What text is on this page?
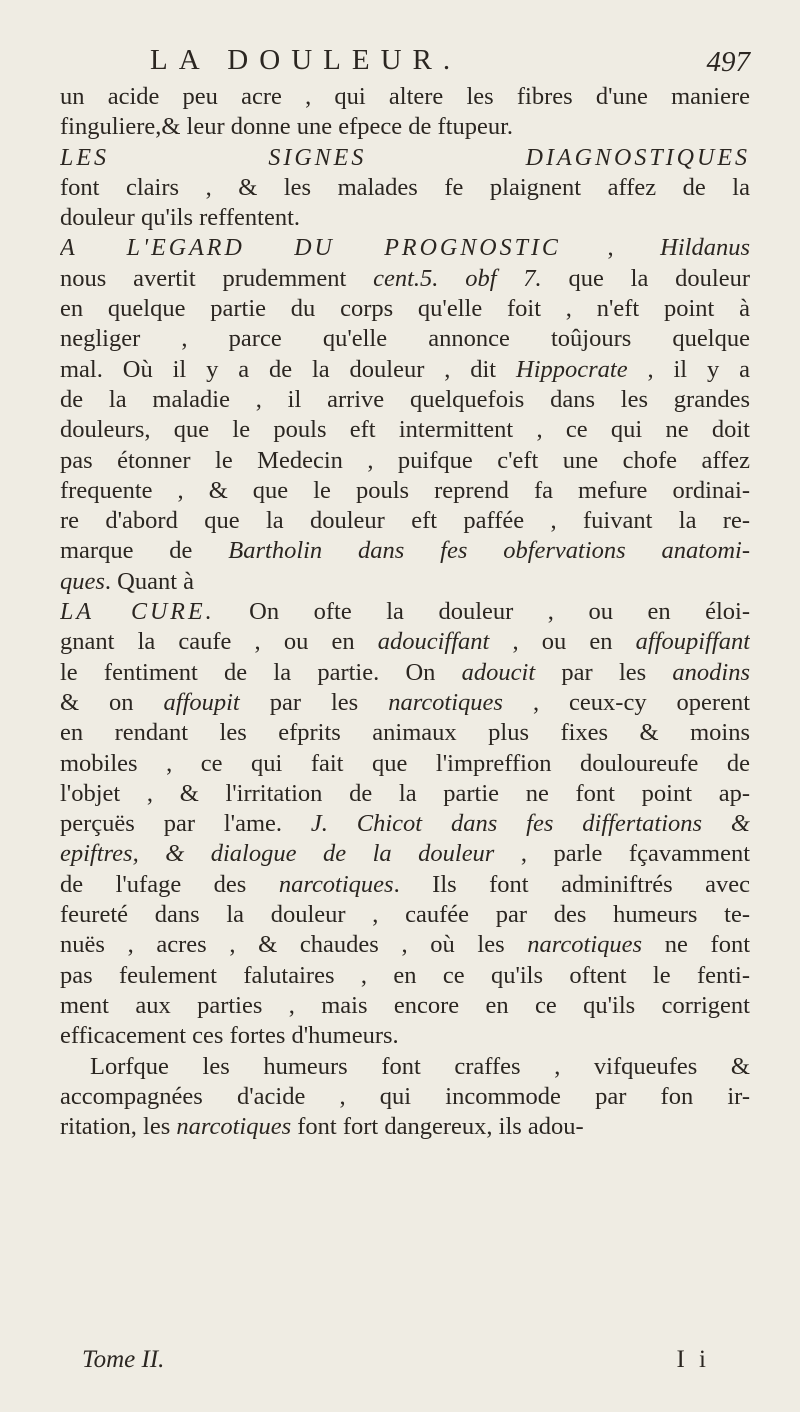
LA DOULEUR.	497
un acide peu acre , qui altere les fibres d'une maniere
finguliere,& leur donne une efpece de ftupeur.
LES SIGNES DIAGNOSTIQUES
font clairs , & les malades fe plaignent affez de la
douleur qu'ils reffentent.
A L'EGARD DU PROGNOSTIC , Hildanus
nous avertit prudemment cent.5. obf 7. que la douleur
en quelque partie du corps qu'elle foit , n'eft point à
negliger , parce qu'elle annonce toûjours quelque
mal. Où il y a de la douleur , dit Hippocrate , il y a
de la maladie , il arrive quelquefois dans les grandes
douleurs, que le pouls eft intermittent , ce qui ne doit
pas étonner le Medecin , puifque c'eft une chofe affez
frequente , & que le pouls reprend fa mefure ordinai-
re d'abord que la douleur eft paffée , fuivant la re-
marque de Bartholin dans fes obfervations anatomi-
ques. Quant à
LA CURE. On ofte la douleur , ou en éloi-
gnant la caufe , ou en adouciffant , ou en affoupiffant
le fentiment de la partie. On adoucit par les anodins
& on affoupit par les narcotiques , ceux-cy operent
en rendant les efprits animaux plus fixes & moins
mobiles , ce qui fait que l'impreffion douloureufe de
l'objet , & l'irritation de la partie ne font point ap-
perçuës par l'ame. J. Chicot dans fes differtations &
epiftres, & dialogue de la douleur , parle fçavamment
de l'ufage des narcotiques. Ils font adminiftrés avec
feureté dans la douleur , caufée par des humeurs te-
nuës , acres , & chaudes , où les narcotiques ne font
pas feulement falutaires , en ce qu'ils oftent le fenti-
ment aux parties , mais encore en ce qu'ils corrigent
efficacement ces fortes d'humeurs.
Lorfque les humeurs font craffes , vifqueufes &
accompagnées d'acide , qui incommode par fon ir-
ritation, les narcotiques font fort dangereux, ils adou-
Tome II.	I i
